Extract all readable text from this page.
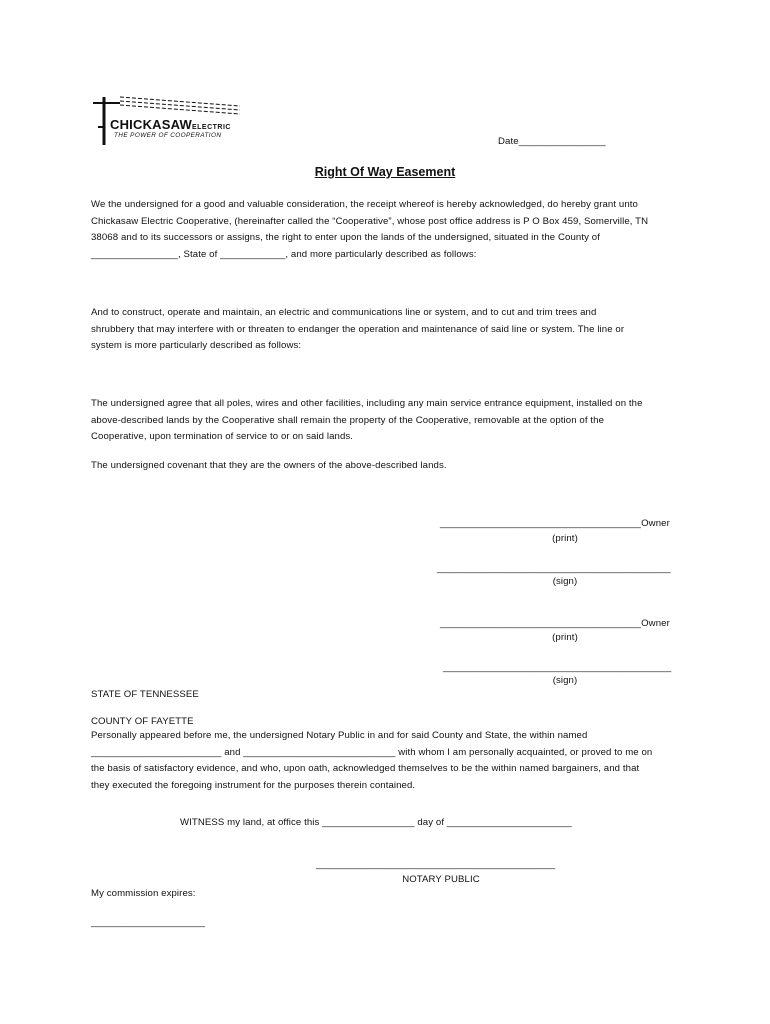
CHICKASAWELECTRIC
THE POWER OF COOPERATION
Date________________
Right Of Way Easement
We the undersigned for a good and valuable consideration, the receipt whereof is hereby acknowledged, do hereby grant unto
Chickasaw Electric Cooperative, (hereinafter called the “Cooperative”, whose post office address is P O Box 459, Somerville, TN
38068 and to its successors or assigns, the right to enter upon the lands of the undersigned, situated in the County of
________________, State of ____________, and more particularly described as follows:
And to construct, operate and maintain, an electric and communications line or system, and to cut and trim trees and
shrubbery that may interfere with or threaten to endanger the operation and maintenance of said line or system. The line or
system is more particularly described as follows:
The undersigned agree that all poles, wires and other facilities, including any main service entrance equipment, installed on the
above-described lands by the Cooperative shall remain the property of the Cooperative, removable at the option of the
Cooperative, upon termination of service to or on said lands.
The undersigned covenant that they are the owners of the above-described lands.
_____________________________________Owner
(print)
___________________________________________
(sign)
_____________________________________Owner
(print)
__________________________________________
(sign)
STATE OF TENNESSEE
COUNTY OF FAYETTE
Personally appeared before me, the undersigned Notary Public in and for said County and State, the within named
________________________ and ____________________________ with whom I am personally acquainted, or proved to me on
the basis of satisfactory evidence, and who, upon oath, acknowledged themselves to be the within named bargainers, and that
they executed the foregoing instrument for the purposes therein contained.
WITNESS my land, at office this _________________ day of _______________________
____________________________________________
NOTARY PUBLIC
My commission expires:
_____________________
